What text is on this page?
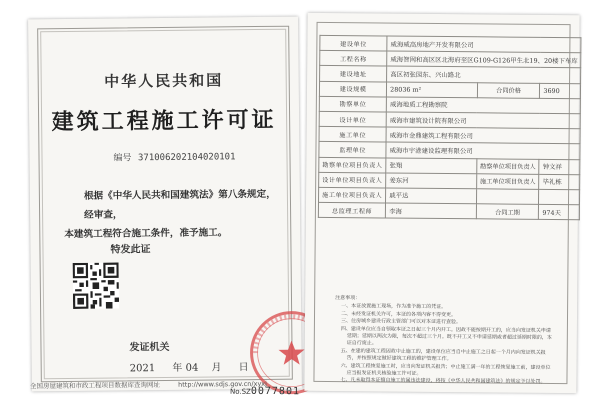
中华人民共和国
建筑工程施工许可证
编号 371006202104020101
根据《中华人民共和国建筑法》第八条规定，经审查，
本建筑工程符合施工条件，准予施工。
特发此证
发证机关
2021 年 04 月 日
建设单位	威海威高房地产开发有限公司		
工程名称	威海智网和高区区北海府至区G109-G126甲生北19、20楼下车库		
建设地址	高区初张园东、兴山路北		
建设规模	28036 m²	合同价格	3690
勘察单位	威海地质工程勘察院		
设计单位	威海市建筑设计院有限公司		
施工单位	威海市金鼎建筑工程有限公司		
监理单位	威海市宇港建设监理有限公司		
勘察单位项目负责人	张翔	勘察单位项目负责人	钟文祥
设计单位项目负责人	姜东河	施工单位项目负责人	毕礼栋
施工单位项目负责人	戚平达		
总监理工程师	李海	合同工期	974天
注意事项：
一、本证放置施工现场，作为准予施工的凭证。
二、未经发证机关许可，本证的各项内容不得变更。
三、住房城乡建设行政主管部门可以对本证进行查验。
四、建设单位应当自领取本证之日起三个月内开工。因故不能按期开工的，应当向发证机关申请延期；延期以两次为限，每次不超过三个月。既不开工又不申请延期或者超过延期时限的，本证自行废止。
五、在建的建筑工程因故中止施工的，建设单位应当自中止施工之日起一个月内向发证机关报告，并按照规定做好建筑工程的维护管理工作。
六、建筑工程恢复施工时，应当向发证机关报告；中止施工满一年的工程恢复施工前，建设单位应当报发证机关核验施工许可证。
七、凡未取得本证擅自施工的属违法建设，将按《中华人民共和国建筑法》的规定予以处罚。
No.SZ0077801
全国房屋建筑和市政工程项目数据库查询网址	http://www.sdjs.gov.cn/xyxj
